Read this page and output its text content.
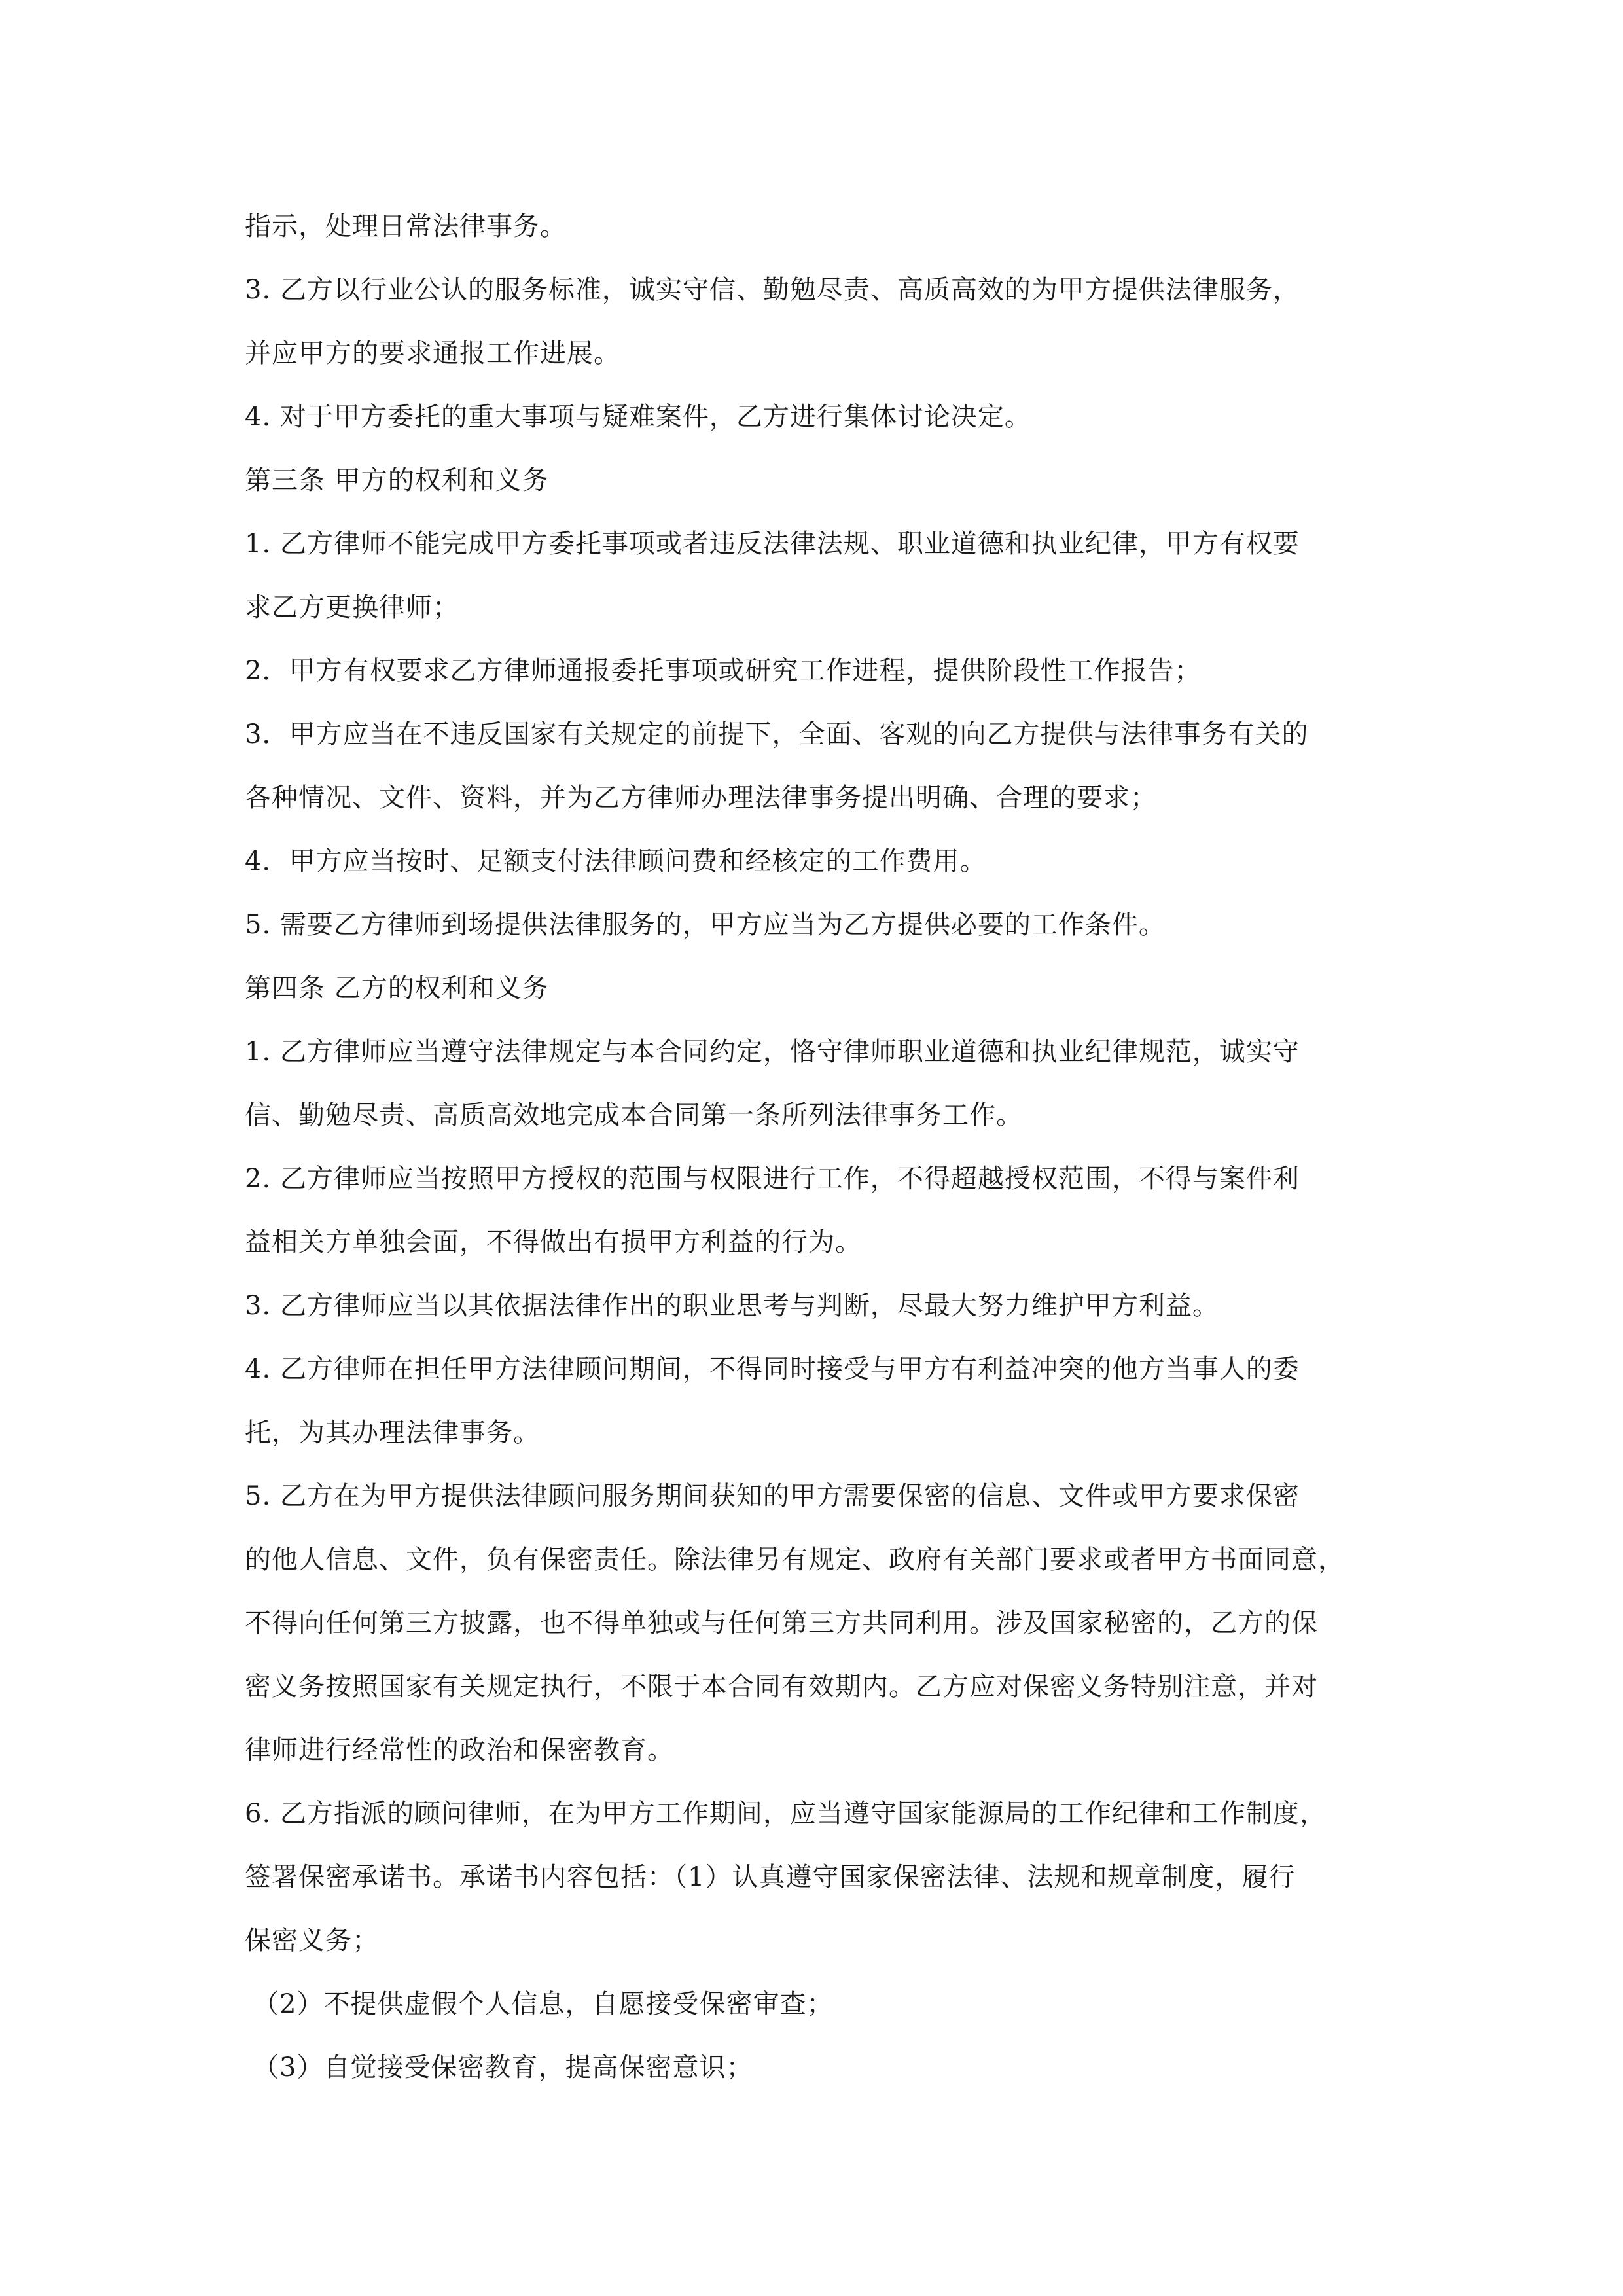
指示，处理日常法律事务。
3. 乙方以行业公认的服务标准，诚实守信、勤勉尽责、高质高效的为甲方提供法律服务，
并应甲方的要求通报工作进展。
4. 对于甲方委托的重大事项与疑难案件，乙方进行集体讨论决定。
第三条 甲方的权利和义务
1. 乙方律师不能完成甲方委托事项或者违反法律法规、职业道德和执业纪律，甲方有权要
求乙方更换律师；
2．甲方有权要求乙方律师通报委托事项或研究工作进程，提供阶段性工作报告；
3．甲方应当在不违反国家有关规定的前提下，全面、客观的向乙方提供与法律事务有关的
各种情况、文件、资料，并为乙方律师办理法律事务提出明确、合理的要求；
4．甲方应当按时、足额支付法律顾问费和经核定的工作费用。
5. 需要乙方律师到场提供法律服务的，甲方应当为乙方提供必要的工作条件。
第四条 乙方的权利和义务
1. 乙方律师应当遵守法律规定与本合同约定，恪守律师职业道德和执业纪律规范，诚实守
信、勤勉尽责、高质高效地完成本合同第一条所列法律事务工作。
2. 乙方律师应当按照甲方授权的范围与权限进行工作，不得超越授权范围，不得与案件利
益相关方单独会面，不得做出有损甲方利益的行为。
3. 乙方律师应当以其依据法律作出的职业思考与判断，尽最大努力维护甲方利益。
4. 乙方律师在担任甲方法律顾问期间，不得同时接受与甲方有利益冲突的他方当事人的委
托，为其办理法律事务。
5. 乙方在为甲方提供法律顾问服务期间获知的甲方需要保密的信息、文件或甲方要求保密
的他人信息、文件，负有保密责任。除法律另有规定、政府有关部门要求或者甲方书面同意，
不得向任何第三方披露，也不得单独或与任何第三方共同利用。涉及国家秘密的，乙方的保
密义务按照国家有关规定执行，不限于本合同有效期内。乙方应对保密义务特别注意，并对
律师进行经常性的政治和保密教育。
6. 乙方指派的顾问律师，在为甲方工作期间，应当遵守国家能源局的工作纪律和工作制度，
签署保密承诺书。承诺书内容包括：（1）认真遵守国家保密法律、法规和规章制度，履行
保密义务；
（2）不提供虚假个人信息，自愿接受保密审查；
（3）自觉接受保密教育，提高保密意识；
